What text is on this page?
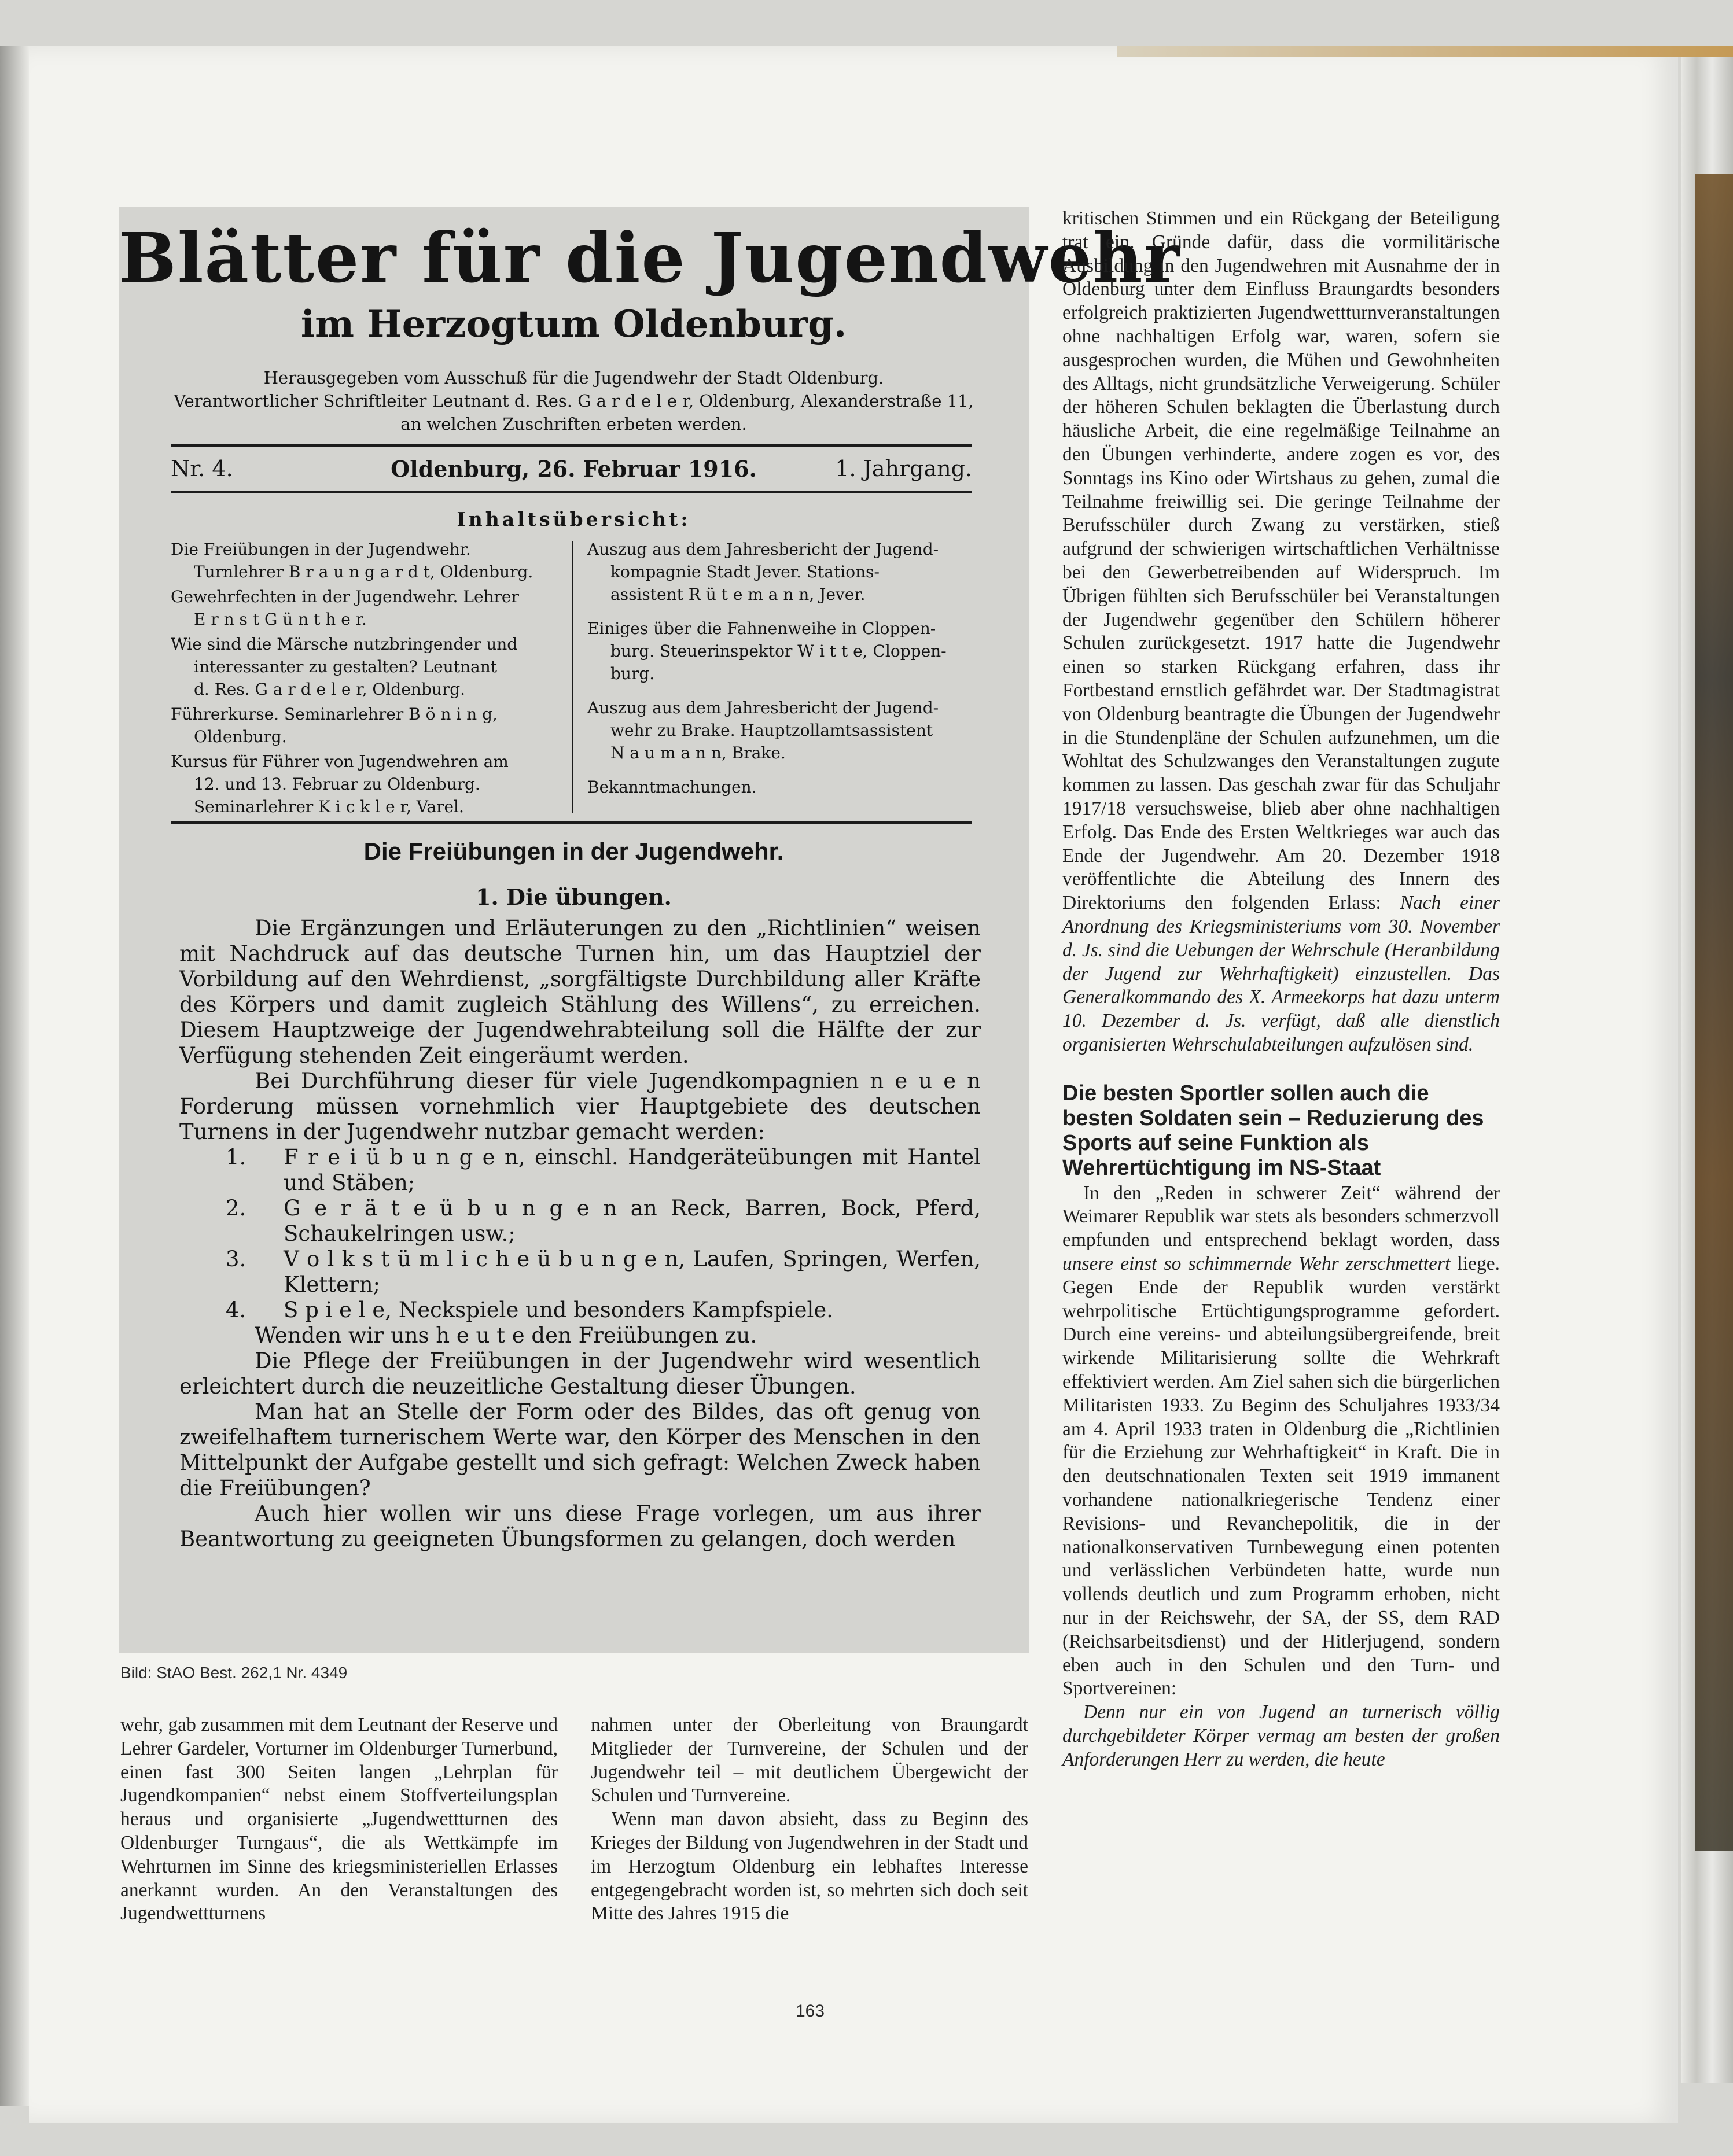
Blätter für die Jugendwehr
im Herzogtum Oldenburg.
Herausgegeben vom Ausschuß für die Jugendwehr der Stadt Oldenburg.
Verantwortlicher Schriftleiter Leutnant d. Res. G a r d e l e r, Oldenburg, Alexanderstraße 11,
an welchen Zuschriften erbeten werden.
Nr. 4.	Oldenburg, 26. Februar 1916.	1. Jahrgang.
Inhaltsübersicht:
Die Freiübungen in der Jugendwehr.
Turnlehrer B r a u n g a r d t, Oldenburg.
Gewehrfechten in der Jugendwehr. Lehrer
E r n s t G ü n t h e r.
Wie sind die Märsche nutzbringender und
interessanter zu gestalten? Leutnant
d. Res. G a r d e l e r, Oldenburg.
Führerkurse. Seminarlehrer B ö n i n g,
Oldenburg.
Kursus für Führer von Jugendwehren am
12. und 13. Februar zu Oldenburg.
Seminarlehrer K i c k l e r, Varel.
Auszug aus dem Jahresbericht der Jugend-
kompagnie Stadt Jever. Stations-
assistent R ü t e m a n n, Jever.
Einiges über die Fahnenweihe in Cloppen-
burg. Steuerinspektor W i t t e, Cloppen-
burg.
Auszug aus dem Jahresbericht der Jugend-
wehr zu Brake. Hauptzollamtsassistent
N a u m a n n, Brake.
Bekanntmachungen.
Die Freiübungen in der Jugendwehr.
1. Die übungen.

Die Ergänzungen und Erläuterungen zu den „Richtlinien“ weisen mit Nachdruck auf das deutsche Turnen hin, um das Hauptziel der Vorbildung auf den Wehrdienst, „sorgfältigste Durchbildung aller Kräfte des Körpers und damit zugleich Stählung des Willens“, zu erreichen. Diesem Hauptzweige der Jugendwehrabteilung soll die Hälfte der zur Verfügung stehenden Zeit eingeräumt werden.

Bei Durchführung dieser für viele Jugendkompagnien n e u e n Forderung müssen vornehmlich vier Hauptgebiete des deutschen Turnens in der Jugendwehr nutzbar gemacht werden:

1. F r e i ü b u n g e n, einschl. Handgeräteübungen mit Hantel und Stäben;
2. G e r ä t e ü b u n g e n an Reck, Barren, Bock, Pferd, Schaukelringen usw.;
3. V o l k s t ü m l i c h e ü b u n g e n, Laufen, Springen, Werfen, Klettern;
4. S p i e l e, Neckspiele und besonders Kampfspiele.

Wenden wir uns h e u t e den Freiübungen zu.

Die Pflege der Freiübungen in der Jugendwehr wird wesentlich erleichtert durch die neuzeitliche Gestaltung dieser Übungen.

Man hat an Stelle der Form oder des Bildes, das oft genug von zweifelhaftem turnerischem Werte war, den Körper des Menschen in den Mittelpunkt der Aufgabe gestellt und sich gefragt: Welchen Zweck haben die Freiübungen?

Auch hier wollen wir uns diese Frage vorlegen, um aus ihrer Beantwortung zu geeigneten Übungsformen zu gelangen, doch werden

Bild: StAO Best. 262,1 Nr. 4349

kritischen Stimmen und ein Rückgang der Beteiligung trat ein. Gründe dafür, dass die vormilitärische Ausbildung in den Jugendwehren mit Ausnahme der in Oldenburg unter dem Einfluss Braungardts besonders erfolgreich praktizierten Jugendwettturnveranstaltungen ohne nachhaltigen Erfolg war, waren, sofern sie ausgesprochen wurden, die Mühen und Gewohnheiten des Alltags, nicht grundsätzliche Verweigerung. Schüler der höheren Schulen beklagten die Überlastung durch häusliche Arbeit, die eine regelmäßige Teilnahme an den Übungen verhinderte, andere zogen es vor, des Sonntags ins Kino oder Wirtshaus zu gehen, zumal die Teilnahme freiwillig sei. Die geringe Teilnahme der Berufsschüler durch Zwang zu verstärken, stieß aufgrund der schwierigen wirtschaftlichen Verhältnisse bei den Gewerbetreibenden auf Widerspruch. Im Übrigen fühlten sich Berufsschüler bei Veranstaltungen der Jugendwehr gegenüber den Schülern höherer Schulen zurückgesetzt. 1917 hatte die Jugendwehr einen so starken Rückgang erfahren, dass ihr Fortbestand ernstlich gefährdet war. Der Stadtmagistrat von Oldenburg beantragte die Übungen der Jugendwehr in die Stundenpläne der Schulen aufzunehmen, um die Wohltat des Schulzwanges den Veranstaltungen zugute kommen zu lassen. Das geschah zwar für das Schuljahr 1917/18 versuchsweise, blieb aber ohne nachhaltigen Erfolg. Das Ende des Ersten Weltkrieges war auch das Ende der Jugendwehr. Am 20. Dezember 1918 veröffentlichte die Abteilung des Innern des Direktoriums den folgenden Erlass: Nach einer Anordnung des Kriegsministeriums vom 30. November d. Js. sind die Uebungen der Wehrschule (Heranbildung der Jugend zur Wehrhaftigkeit) einzustellen. Das Generalkommando des X. Armeekorps hat dazu unterm 10. Dezember d. Js. verfügt, daß alle dienstlich organisierten Wehrschulabteilungen aufzulösen sind.

Die besten Sportler sollen auch die besten Soldaten sein – Reduzierung des Sports auf seine Funktion als Wehrertüchtigung im NS-Staat

In den „Reden in schwerer Zeit“ während der Weimarer Republik war stets als besonders schmerzvoll empfunden und entsprechend beklagt worden, dass unsere einst so schimmernde Wehr zerschmettert liege. Gegen Ende der Republik wurden verstärkt wehrpolitische Ertüchtigungsprogramme gefordert. Durch eine vereins- und abteilungsübergreifende, breit wirkende Militarisierung sollte die Wehrkraft effektiviert werden. Am Ziel sahen sich die bürgerlichen Militaristen 1933. Zu Beginn des Schuljahres 1933/34 am 4. April 1933 traten in Oldenburg die „Richtlinien für die Erziehung zur Wehrhaftigkeit“ in Kraft. Die in den deutschnationalen Texten seit 1919 immanent vorhandene nationalkriegerische Tendenz einer Revisions- und Revanchepolitik, die in der nationalkonservativen Turnbewegung einen potenten und verlässlichen Verbündeten hatte, wurde nun vollends deutlich und zum Programm erhoben, nicht nur in der Reichswehr, der SA, der SS, dem RAD (Reichsarbeitsdienst) und der Hitlerjugend, sondern eben auch in den Schulen und den Turn- und Sportvereinen:

Denn nur ein von Jugend an turnerisch völlig durchgebildeter Körper vermag am besten der großen Anforderungen Herr zu werden, die heute

wehr, gab zusammen mit dem Leutnant der Reserve und Lehrer Gardeler, Vorturner im Oldenburger Turnerbund, einen fast 300 Seiten langen „Lehrplan für Jugendkompanien“ nebst einem Stoffverteilungsplan heraus und organisierte „Jugendwettturnen des Oldenburger Turngaus“, die als Wettkämpfe im Wehrturnen im Sinne des kriegsministeriellen Erlasses anerkannt wurden. An den Veranstaltungen des Jugendwettturnens

nahmen unter der Oberleitung von Braungardt Mitglieder der Turnvereine, der Schulen und der Jugendwehr teil – mit deutlichem Übergewicht der Schulen und Turnvereine.

Wenn man davon absieht, dass zu Beginn des Krieges der Bildung von Jugendwehren in der Stadt und im Herzogtum Oldenburg ein lebhaftes Interesse entgegengebracht worden ist, so mehrten sich doch seit Mitte des Jahres 1915 die

163
